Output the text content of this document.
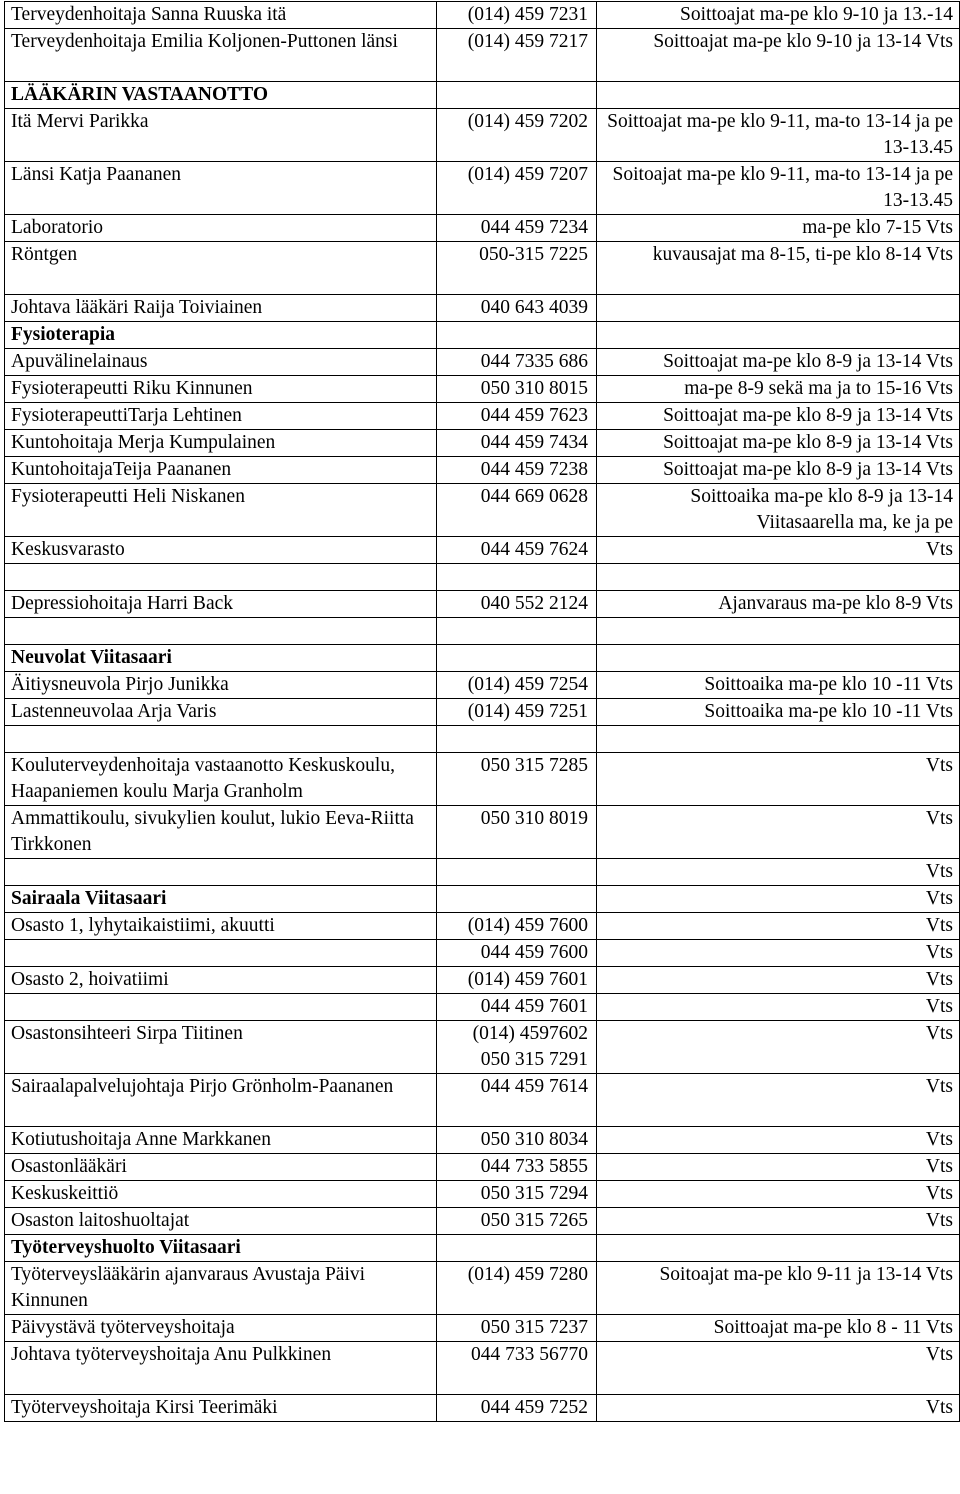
Terveydenhoitaja Sanna Ruuska itä	(014) 459 7231	Soittoajat ma-pe klo 9-10 ja 13.-14
Terveydenhoitaja Emilia Koljonen-Puttonen länsi	(014) 459 7217	Soittoajat ma-pe klo 9-10 ja 13-14 Vts
LÄÄKÄRIN VASTAANOTTO		
Itä Mervi Parikka	(014) 459 7202	Soittoajat ma-pe klo 9-11, ma-to 13-14 ja pe 13-13.45
Länsi Katja Paananen	(014) 459 7207	Soitoajat ma-pe klo 9-11, ma-to 13-14 ja pe 13-13.45
Laboratorio	044 459 7234	ma-pe klo 7-15 Vts
Röntgen	050-315 7225	kuvausajat ma 8-15, ti-pe klo 8-14 Vts
Johtava lääkäri Raija Toiviainen	040 643 4039	
Fysioterapia		
Apuvälinelainaus	044 7335 686	Soittoajat ma-pe klo 8-9 ja 13-14 Vts
Fysioterapeutti Riku Kinnunen	050 310 8015	ma-pe 8-9 sekä ma ja to 15-16 Vts
FysioterapeuttiTarja Lehtinen	044 459 7623	Soittoajat ma-pe klo 8-9 ja 13-14 Vts
Kuntohoitaja Merja Kumpulainen	044 459 7434	Soittoajat ma-pe klo 8-9 ja 13-14 Vts
KuntohoitajaTeija Paananen	044 459 7238	Soittoajat ma-pe klo 8-9 ja 13-14 Vts
Fysioterapeutti Heli Niskanen	044 669 0628	Soittoaika ma-pe klo 8-9 ja 13-14 Viitasaarella ma, ke ja pe
Keskusvarasto	044 459 7624	Vts

Depressiohoitaja Harri Back	040 552 2124	Ajanvaraus ma-pe klo 8-9 Vts

Neuvolat Viitasaari		
Äitiysneuvola Pirjo Junikka	(014) 459 7254	Soittoaika ma-pe klo 10 -11 Vts
Lastenneuvolaa Arja Varis	(014) 459 7251	Soittoaika ma-pe klo 10 -11 Vts

Kouluterveydenhoitaja vastaanotto Keskuskoulu, Haapaniemen koulu Marja Granholm	050 315 7285	Vts
Ammattikoulu, sivukylien koulut, lukio Eeva-Riitta Tirkkonen	050 310 8019	Vts
		Vts
Sairaala Viitasaari		Vts
Osasto 1, lyhytaikaistiimi, akuutti	(014) 459 7600	Vts
	044 459 7600	Vts
Osasto 2, hoivatiimi	(014) 459 7601	Vts
	044 459 7601	Vts
Osastonsihteeri Sirpa Tiitinen	(014) 4597602 050 315 7291	Vts
Sairaalapalvelujohtaja Pirjo Grönholm-Paananen	044 459 7614	Vts
Kotiutushoitaja Anne Markkanen	050 310 8034	Vts
Osastonlääkäri	044 733 5855	Vts
Keskuskeittiö	050 315 7294	Vts
Osaston laitoshuoltajat	050 315 7265	Vts
Työterveyshuolto Viitasaari		
Työterveyslääkärin ajanvaraus Avustaja Päivi Kinnunen	(014) 459 7280	Soitoajat ma-pe klo 9-11 ja 13-14 Vts
Päivystävä työterveyshoitaja	050 315 7237	Soittoajat ma-pe klo 8 - 11 Vts
Johtava työterveyshoitaja Anu Pulkkinen	044 733 56770	Vts
Työterveyshoitaja Kirsi Teerimäki	044 459 7252	Vts
